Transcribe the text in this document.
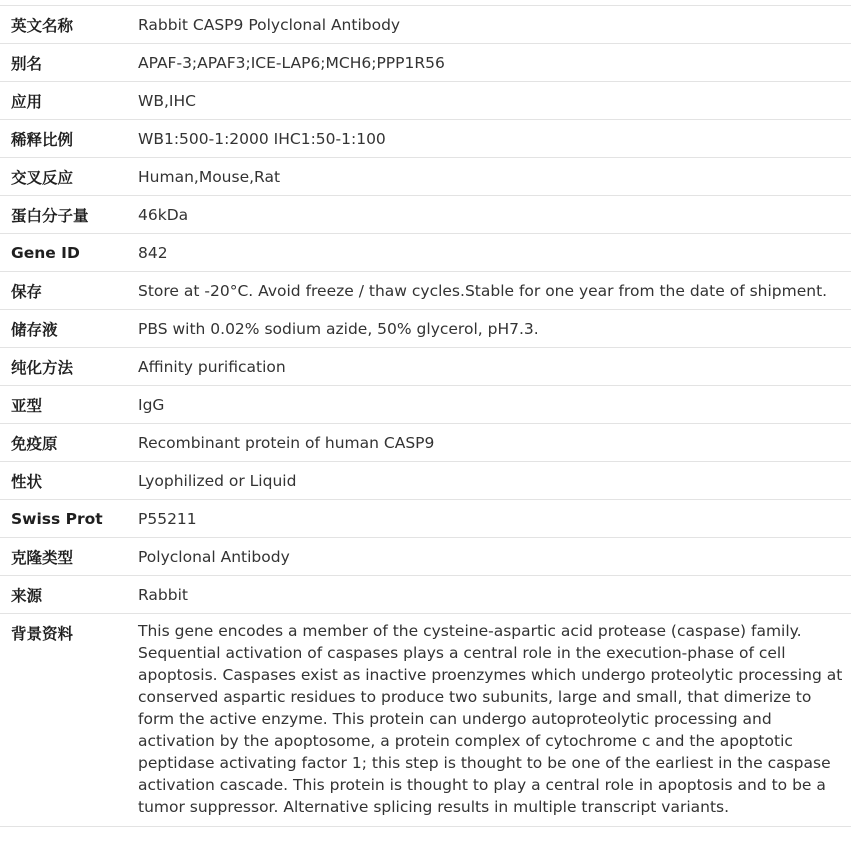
英文名称	Rabbit CASP9 Polyclonal Antibody
别名	APAF-3;APAF3;ICE-LAP6;MCH6;PPP1R56
应用	WB,IHC
稀释比例	WB1:500-1:2000 IHC1:50-1:100
交叉反应	Human,Mouse,Rat
蛋白分子量	46kDa
Gene ID	842
保存	Store at -20°C. Avoid freeze / thaw cycles.Stable for one year from the date of shipment.
储存液	PBS with 0.02% sodium azide, 50% glycerol, pH7.3.
纯化方法	Affinity purification
亚型	IgG
免疫原	Recombinant protein of human CASP9
性状	Lyophilized or Liquid
Swiss Prot	P55211
克隆类型	Polyclonal Antibody
来源	Rabbit
背景资料	This gene encodes a member of the cysteine-aspartic acid protease (caspase) family. Sequential activation of caspases plays a central role in the execution-phase of cell apoptosis. Caspases exist as inactive proenzymes which undergo proteolytic processing at conserved aspartic residues to produce two subunits, large and small, that dimerize to form the active enzyme. This protein can undergo autoproteolytic processing and activation by the apoptosome, a protein complex of cytochrome c and the apoptotic peptidase activating factor 1; this step is thought to be one of the earliest in the caspase activation cascade. This protein is thought to play a central role in apoptosis and to be a tumor suppressor. Alternative splicing results in multiple transcript variants.
